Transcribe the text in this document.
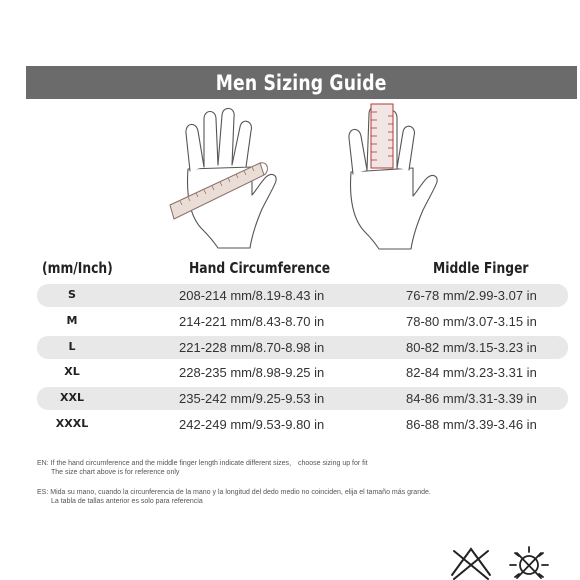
Men Sizing Guide
(mm/Inch)	Hand Circumference	Middle Finger
S	208-214 mm/8.19-8.43 in	76-78 mm/2.99-3.07 in
M	214-221 mm/8.43-8.70 in	78-80 mm/3.07-3.15 in
L	221-228 mm/8.70-8.98 in	80-82 mm/3.15-3.23 in
XL	228-235 mm/8.98-9.25 in	82-84 mm/3.23-3.31 in
XXL	235-242 mm/9.25-9.53 in	84-86 mm/3.31-3.39 in
XXXL	242-249 mm/9.53-9.80 in	86-88 mm/3.39-3.46 in
EN: If the hand circumference and the middle finger length indicate different sizes， choose sizing up for fit
The size chart above is for reference only
ES: Mida su mano, cuando la circunferencia de la mano y la longitud del dedo medio no coinciden, elija el tamaño más grande.
La tabla de tallas anterior es solo para referencia
